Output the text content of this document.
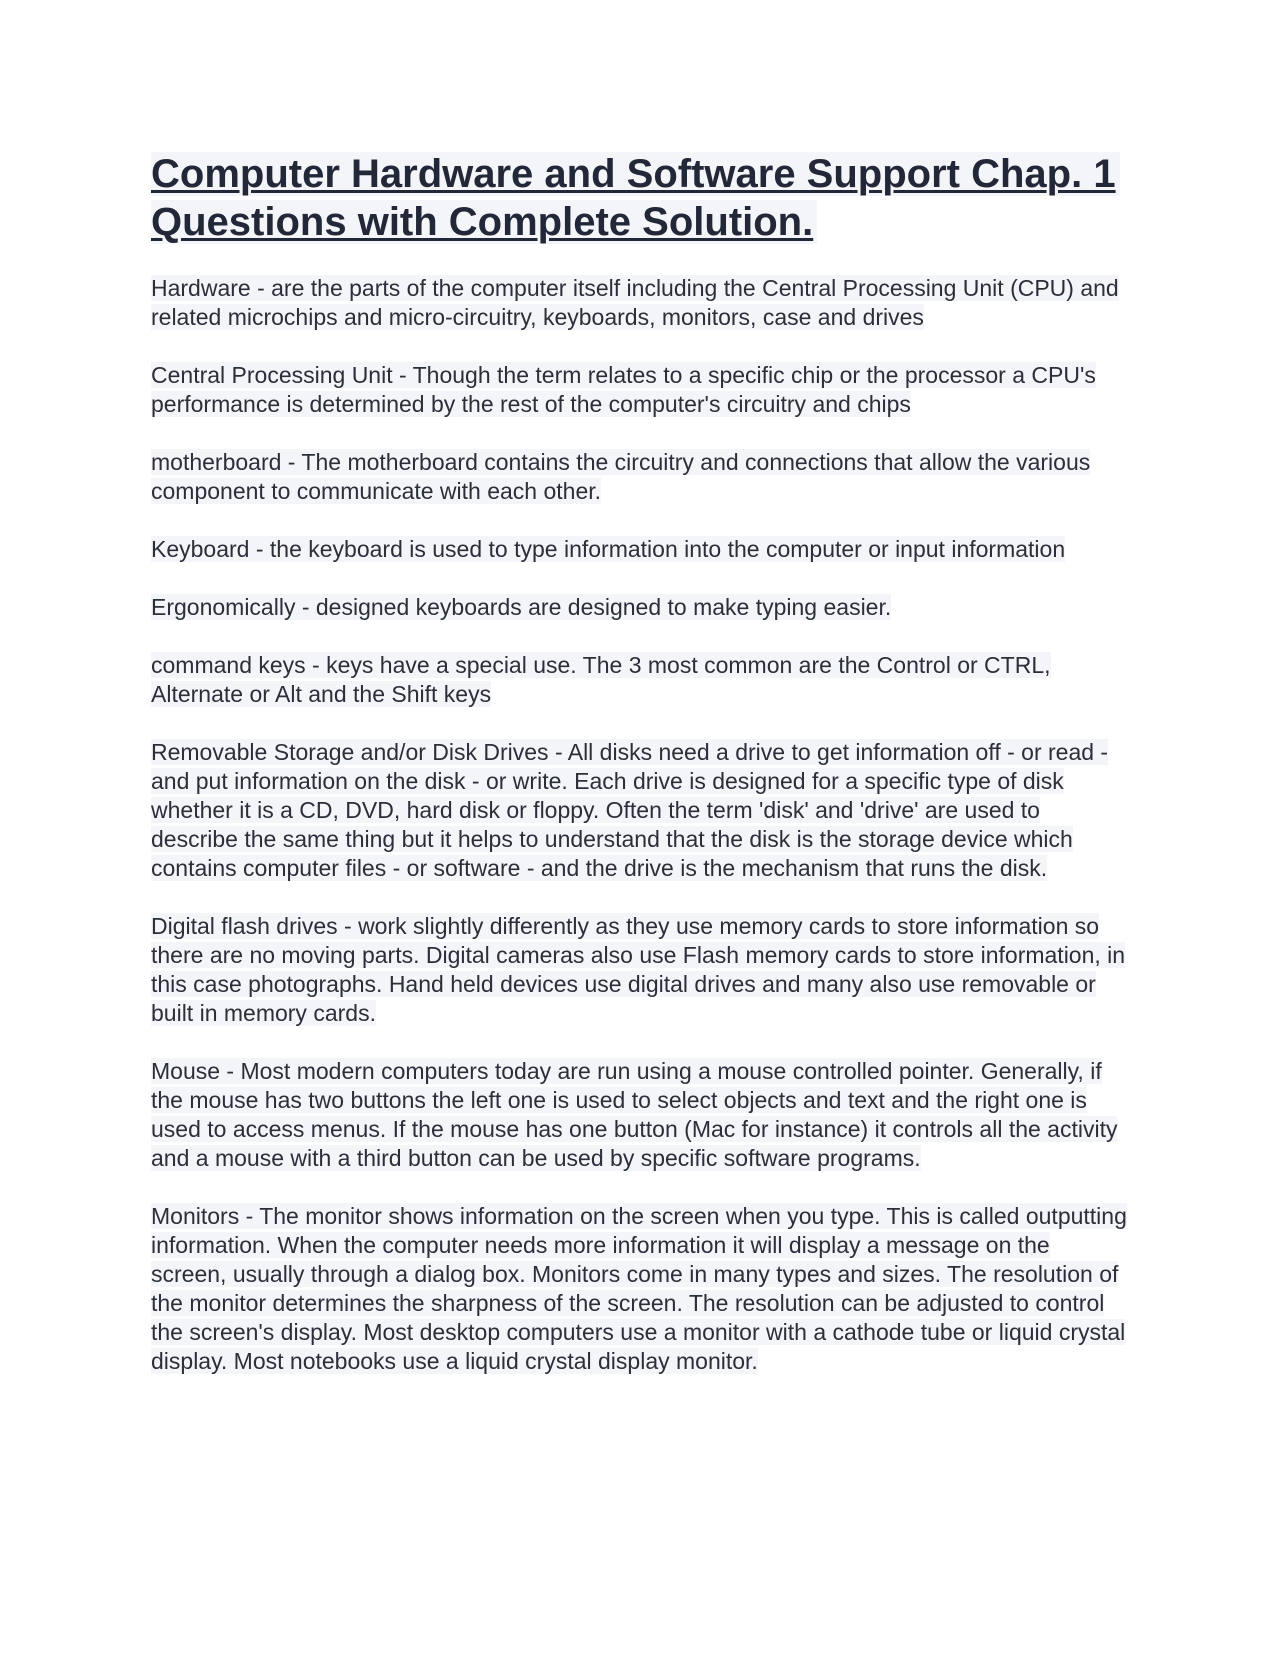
Computer Hardware and Software Support Chap. 1 Questions with Complete Solution.

Hardware - are the parts of the computer itself including the Central Processing Unit (CPU) and related microchips and micro-circuitry, keyboards, monitors, case and drives

Central Processing Unit - Though the term relates to a specific chip or the processor a CPU's performance is determined by the rest of the computer's circuitry and chips

motherboard - The motherboard contains the circuitry and connections that allow the various component to communicate with each other.

Keyboard - the keyboard is used to type information into the computer or input information

Ergonomically - designed keyboards are designed to make typing easier.

command keys - keys have a special use. The 3 most common are the Control or CTRL, Alternate or Alt and the Shift keys

Removable Storage and/or Disk Drives - All disks need a drive to get information off - or read - and put information on the disk - or write. Each drive is designed for a specific type of disk whether it is a CD, DVD, hard disk or floppy. Often the term 'disk' and 'drive' are used to describe the same thing but it helps to understand that the disk is the storage device which contains computer files - or software - and the drive is the mechanism that runs the disk.

Digital flash drives - work slightly differently as they use memory cards to store information so there are no moving parts. Digital cameras also use Flash memory cards to store information, in this case photographs. Hand held devices use digital drives and many also use removable or built in memory cards.

Mouse - Most modern computers today are run using a mouse controlled pointer. Generally, if the mouse has two buttons the left one is used to select objects and text and the right one is used to access menus. If the mouse has one button (Mac for instance) it controls all the activity and a mouse with a third button can be used by specific software programs.

Monitors - The monitor shows information on the screen when you type. This is called outputting information. When the computer needs more information it will display a message on the screen, usually through a dialog box. Monitors come in many types and sizes. The resolution of the monitor determines the sharpness of the screen. The resolution can be adjusted to control the screen's display. Most desktop computers use a monitor with a cathode tube or liquid crystal display. Most notebooks use a liquid crystal display monitor.
